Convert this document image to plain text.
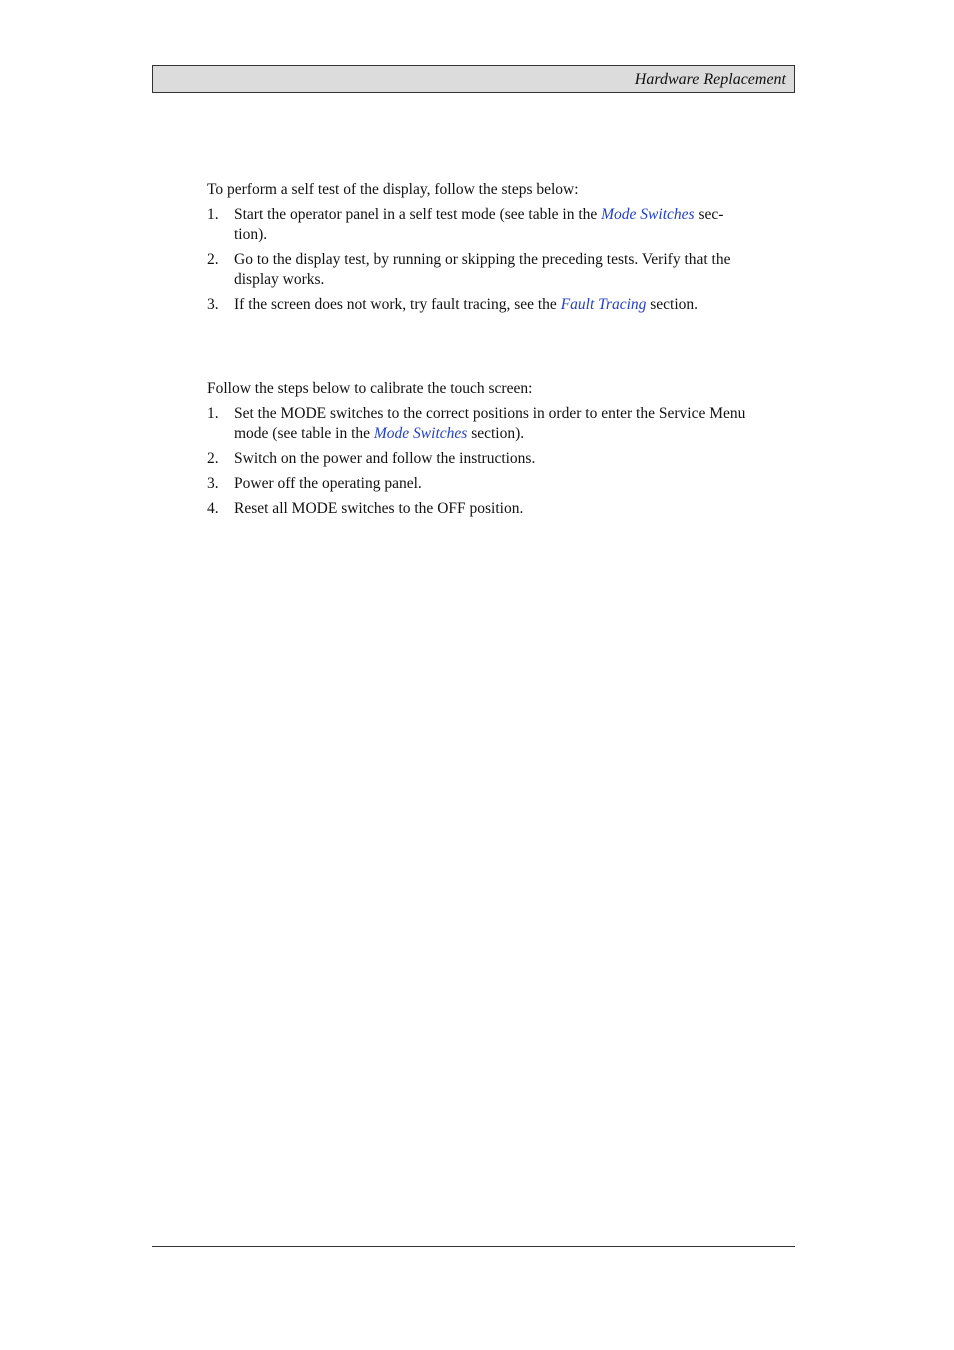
Hardware Replacement

To perform a self test of the display, follow the steps below:

1. Start the operator panel in a self test mode (see table in the Mode Switches sec-tion).
2. Go to the display test, by running or skipping the preceding tests. Verify that the display works.
3. If the screen does not work, try fault tracing, see the Fault Tracing section.

Follow the steps below to calibrate the touch screen:

1. Set the MODE switches to the correct positions in order to enter the Service Menu mode (see table in the Mode Switches section).
2. Switch on the power and follow the instructions.
3. Power off the operating panel.
4. Reset all MODE switches to the OFF position.
